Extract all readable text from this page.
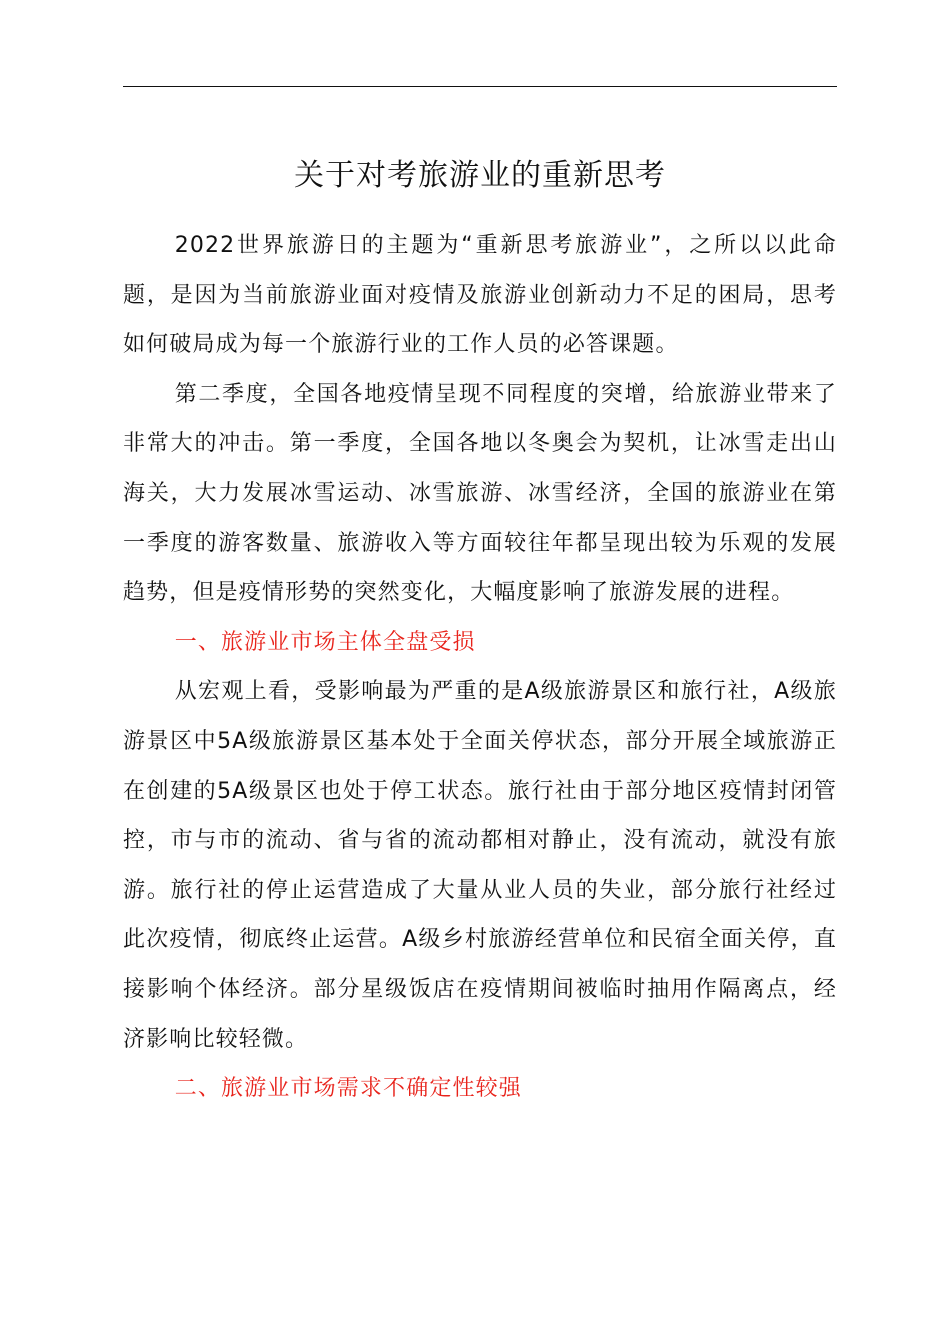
关于对考旅游业的重新思考

2022世界旅游日的主题为“重新思考旅游业”，之所以以此命题，是因为当前旅游业面对疫情及旅游业创新动力不足的困局，思考如何破局成为每一个旅游行业的工作人员的必答课题。

第二季度，全国各地疫情呈现不同程度的突增，给旅游业带来了非常大的冲击。第一季度，全国各地以冬奥会为契机，让冰雪走出山海关，大力发展冰雪运动、冰雪旅游、冰雪经济，全国的旅游业在第一季度的游客数量、旅游收入等方面较往年都呈现出较为乐观的发展趋势，但是疫情形势的突然变化，大幅度影响了旅游发展的进程。

一、旅游业市场主体全盘受损

从宏观上看，受影响最为严重的是A级旅游景区和旅行社，A级旅游景区中5A级旅游景区基本处于全面关停状态，部分开展全域旅游正在创建的5A级景区也处于停工状态。旅行社由于部分地区疫情封闭管控，市与市的流动、省与省的流动都相对静止，没有流动，就没有旅游。旅行社的停止运营造成了大量从业人员的失业，部分旅行社经过此次疫情，彻底终止运营。A级乡村旅游经营单位和民宿全面关停，直接影响个体经济。部分星级饭店在疫情期间被临时抽用作隔离点，经济影响比较轻微。

二、旅游业市场需求不确定性较强
